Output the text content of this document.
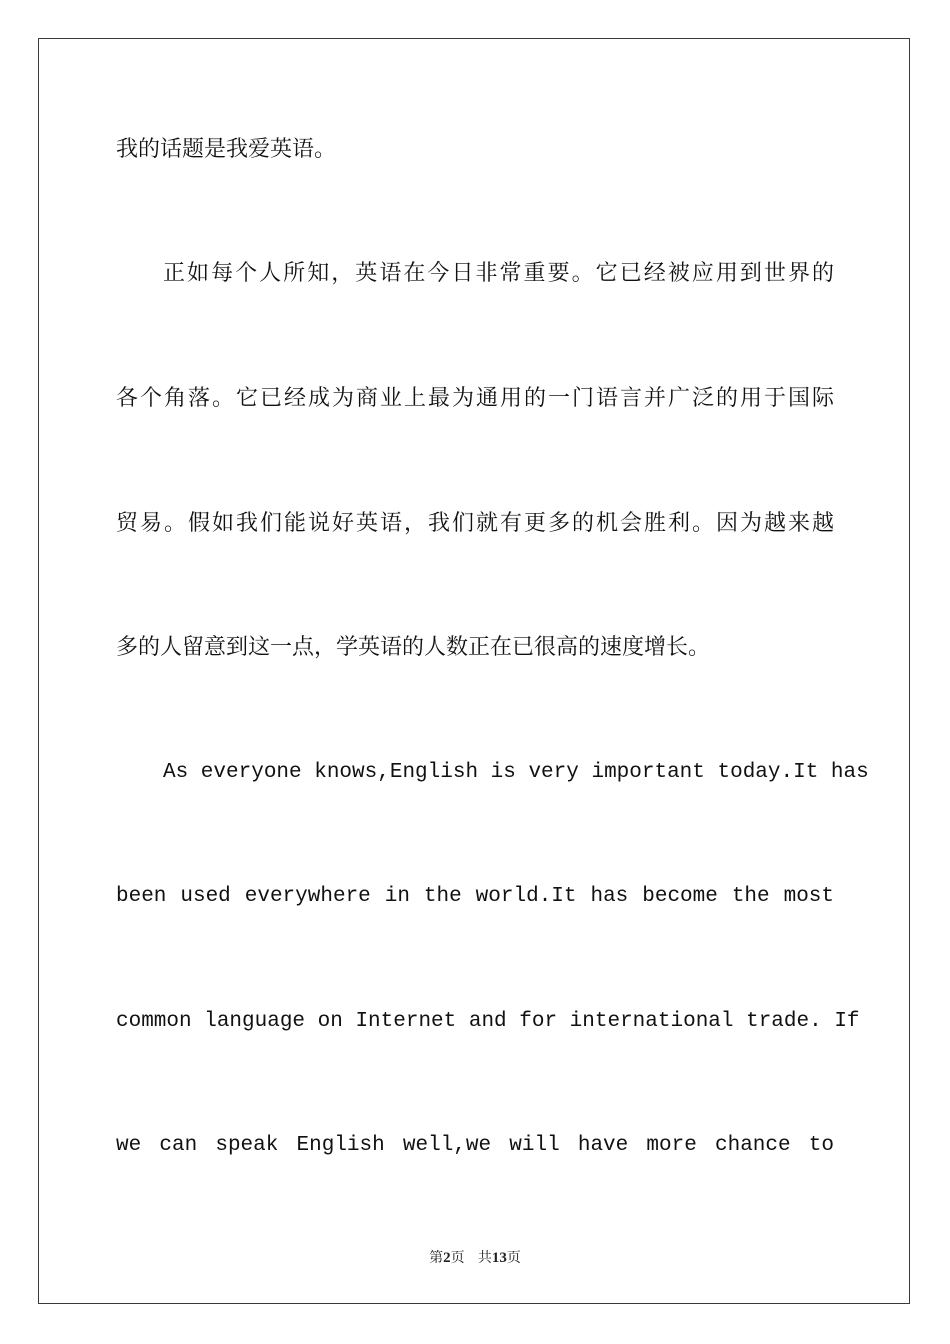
我的话题是我爱英语。
正如每个人所知，英语在今日非常重要。它已经被应用到世界的
各个角落。它已经成为商业上最为通用的一门语言并广泛的用于国际
贸易。假如我们能说好英语，我们就有更多的机会胜利。因为越来越
多的人留意到这一点，学英语的人数正在已很高的速度增长。
As everyone knows,English is very important today.It has
been used everywhere in the world.It has become the most
common language on Internet and for international trade. If
we can speak English well,we will have more chance to
第2页 共13页
